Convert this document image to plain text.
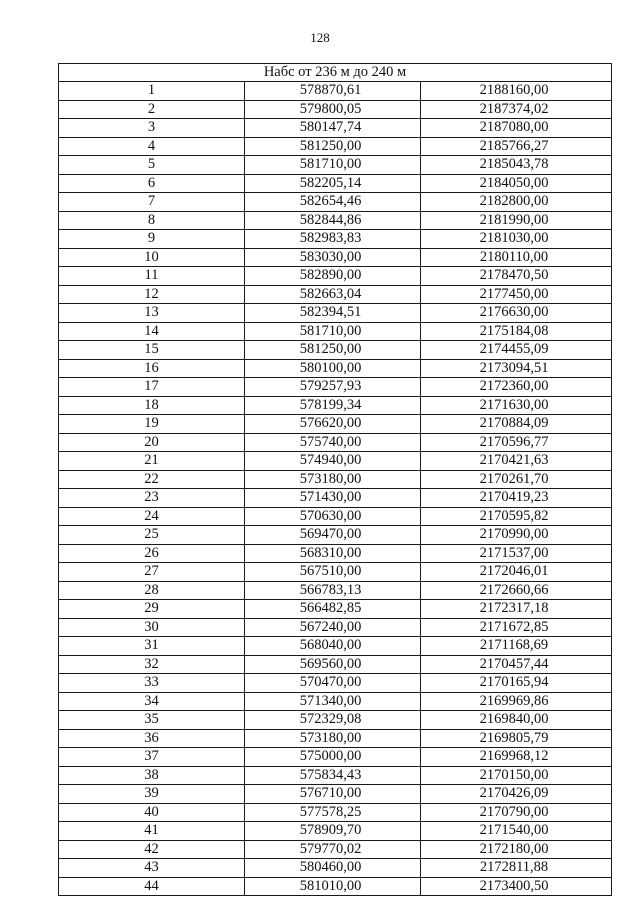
128
Набс от 236 м до 240 м		
1	578870,61	2188160,00
2	579800,05	2187374,02
3	580147,74	2187080,00
4	581250,00	2185766,27
5	581710,00	2185043,78
6	582205,14	2184050,00
7	582654,46	2182800,00
8	582844,86	2181990,00
9	582983,83	2181030,00
10	583030,00	2180110,00
11	582890,00	2178470,50
12	582663,04	2177450,00
13	582394,51	2176630,00
14	581710,00	2175184,08
15	581250,00	2174455,09
16	580100,00	2173094,51
17	579257,93	2172360,00
18	578199,34	2171630,00
19	576620,00	2170884,09
20	575740,00	2170596,77
21	574940,00	2170421,63
22	573180,00	2170261,70
23	571430,00	2170419,23
24	570630,00	2170595,82
25	569470,00	2170990,00
26	568310,00	2171537,00
27	567510,00	2172046,01
28	566783,13	2172660,66
29	566482,85	2172317,18
30	567240,00	2171672,85
31	568040,00	2171168,69
32	569560,00	2170457,44
33	570470,00	2170165,94
34	571340,00	2169969,86
35	572329,08	2169840,00
36	573180,00	2169805,79
37	575000,00	2169968,12
38	575834,43	2170150,00
39	576710,00	2170426,09
40	577578,25	2170790,00
41	578909,70	2171540,00
42	579770,02	2172180,00
43	580460,00	2172811,88
44	581010,00	2173400,50
